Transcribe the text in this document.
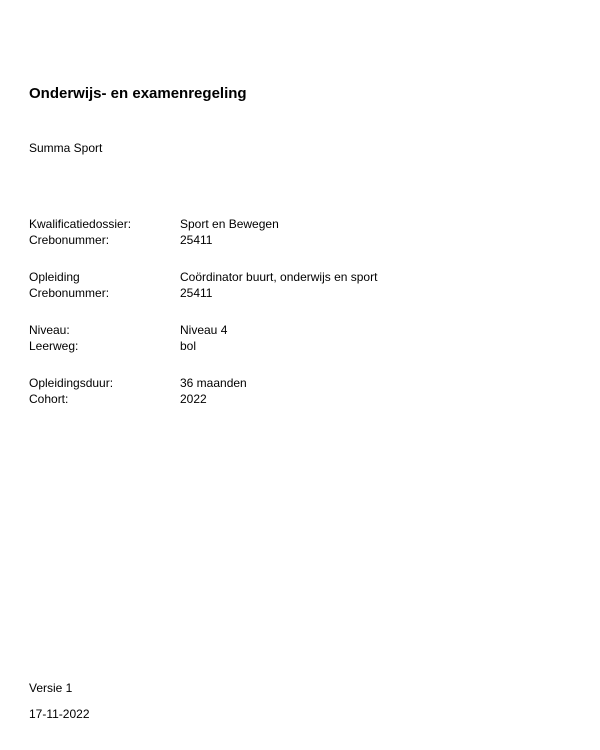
Onderwijs- en examenregeling
Summa Sport
Kwalificatiedossier:	Sport en Bewegen
Crebonummer:	25411
Opleiding	Coördinator buurt, onderwijs en sport
Crebonummer:	25411
Niveau:	Niveau 4
Leerweg:	bol
Opleidingsduur:	36 maanden
Cohort:	2022
Versie 1
17-11-2022
